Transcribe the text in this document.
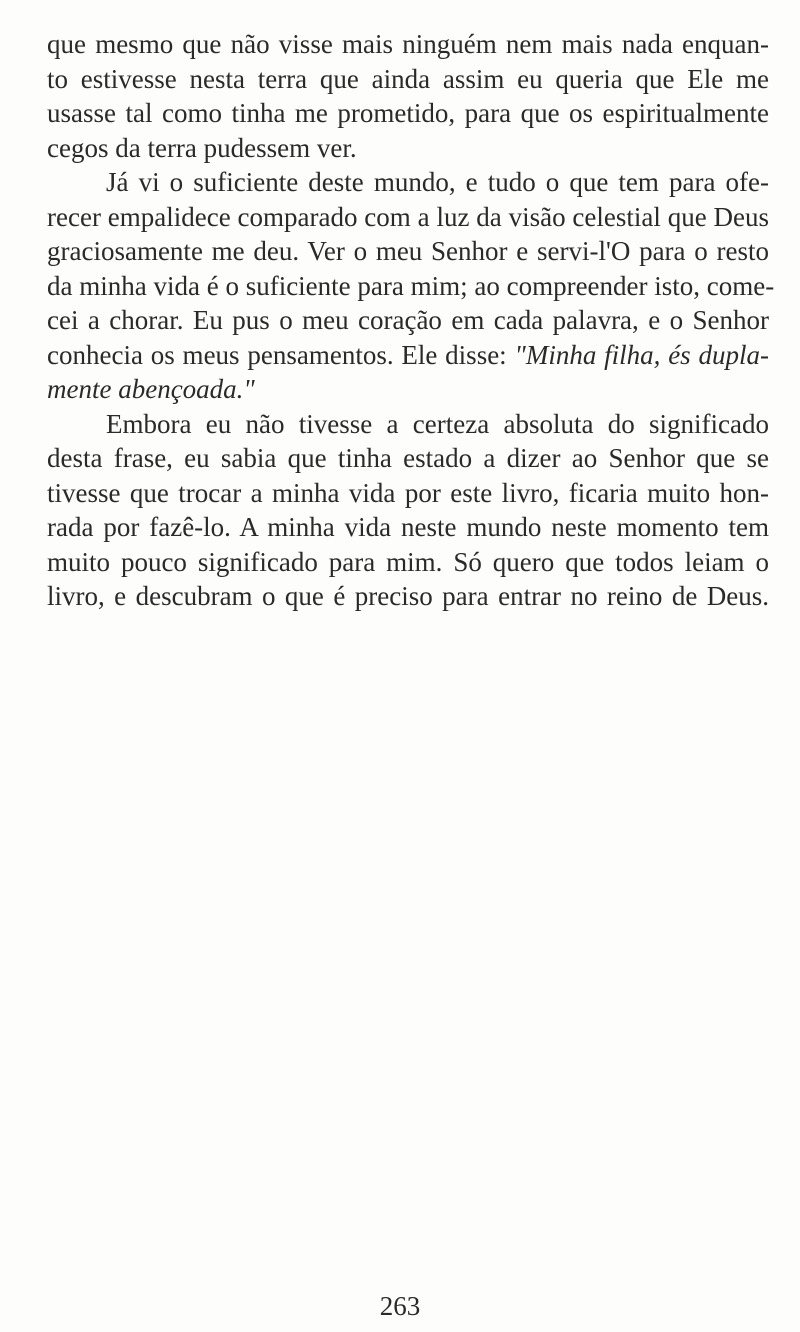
que mesmo que não visse mais ninguém nem mais nada enquan-
to estivesse nesta terra que ainda assim eu queria que Ele me
usasse tal como tinha me prometido, para que os espiritualmente
cegos da terra pudessem ver.

Já vi o suficiente deste mundo, e tudo o que tem para ofe-
recer empalidece comparado com a luz da visão celestial que Deus
graciosamente me deu. Ver o meu Senhor e servi-l'O para o resto
da minha vida é o suficiente para mim; ao compreender isto, come-
cei a chorar. Eu pus o meu coração em cada palavra, e o Senhor
conhecia os meus pensamentos. Ele disse: "Minha filha, és dupla-
mente abençoada."

Embora eu não tivesse a certeza absoluta do significado
desta frase, eu sabia que tinha estado a dizer ao Senhor que se
tivesse que trocar a minha vida por este livro, ficaria muito hon-
rada por fazê-lo. A minha vida neste mundo neste momento tem
muito pouco significado para mim. Só quero que todos leiam o
livro, e descubram o que é preciso para entrar no reino de Deus.

263
